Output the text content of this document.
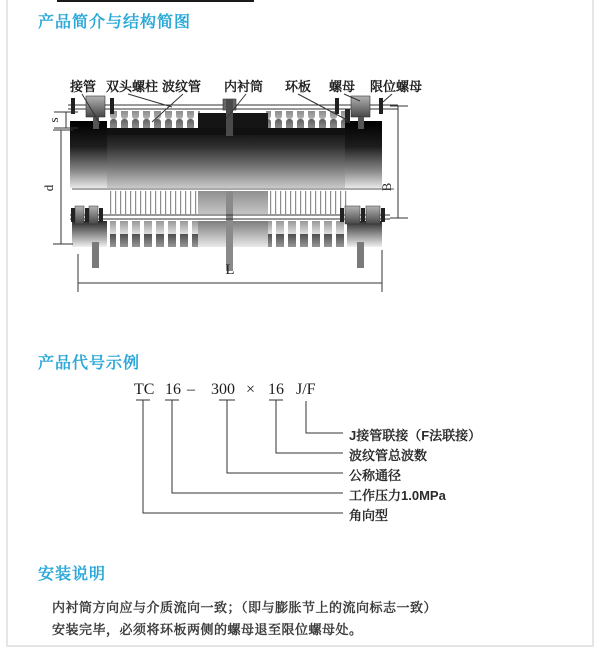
产品简介与结构简图
产品代号示例
安装说明
TC 16 – 300 × 16 J/F
J接管联接（F法联接）
波纹管总波数
公称通径
工作压力1.0MPa
角向型
内衬筒方向应与介质流向一致；（即与膨胀节上的流向标志一致）
安装完毕，必须将环板两侧的螺母退至限位螺母处。
s
d	B
L
接管 双头螺柱 波纹管 内衬筒 环板 螺母 限位螺母
